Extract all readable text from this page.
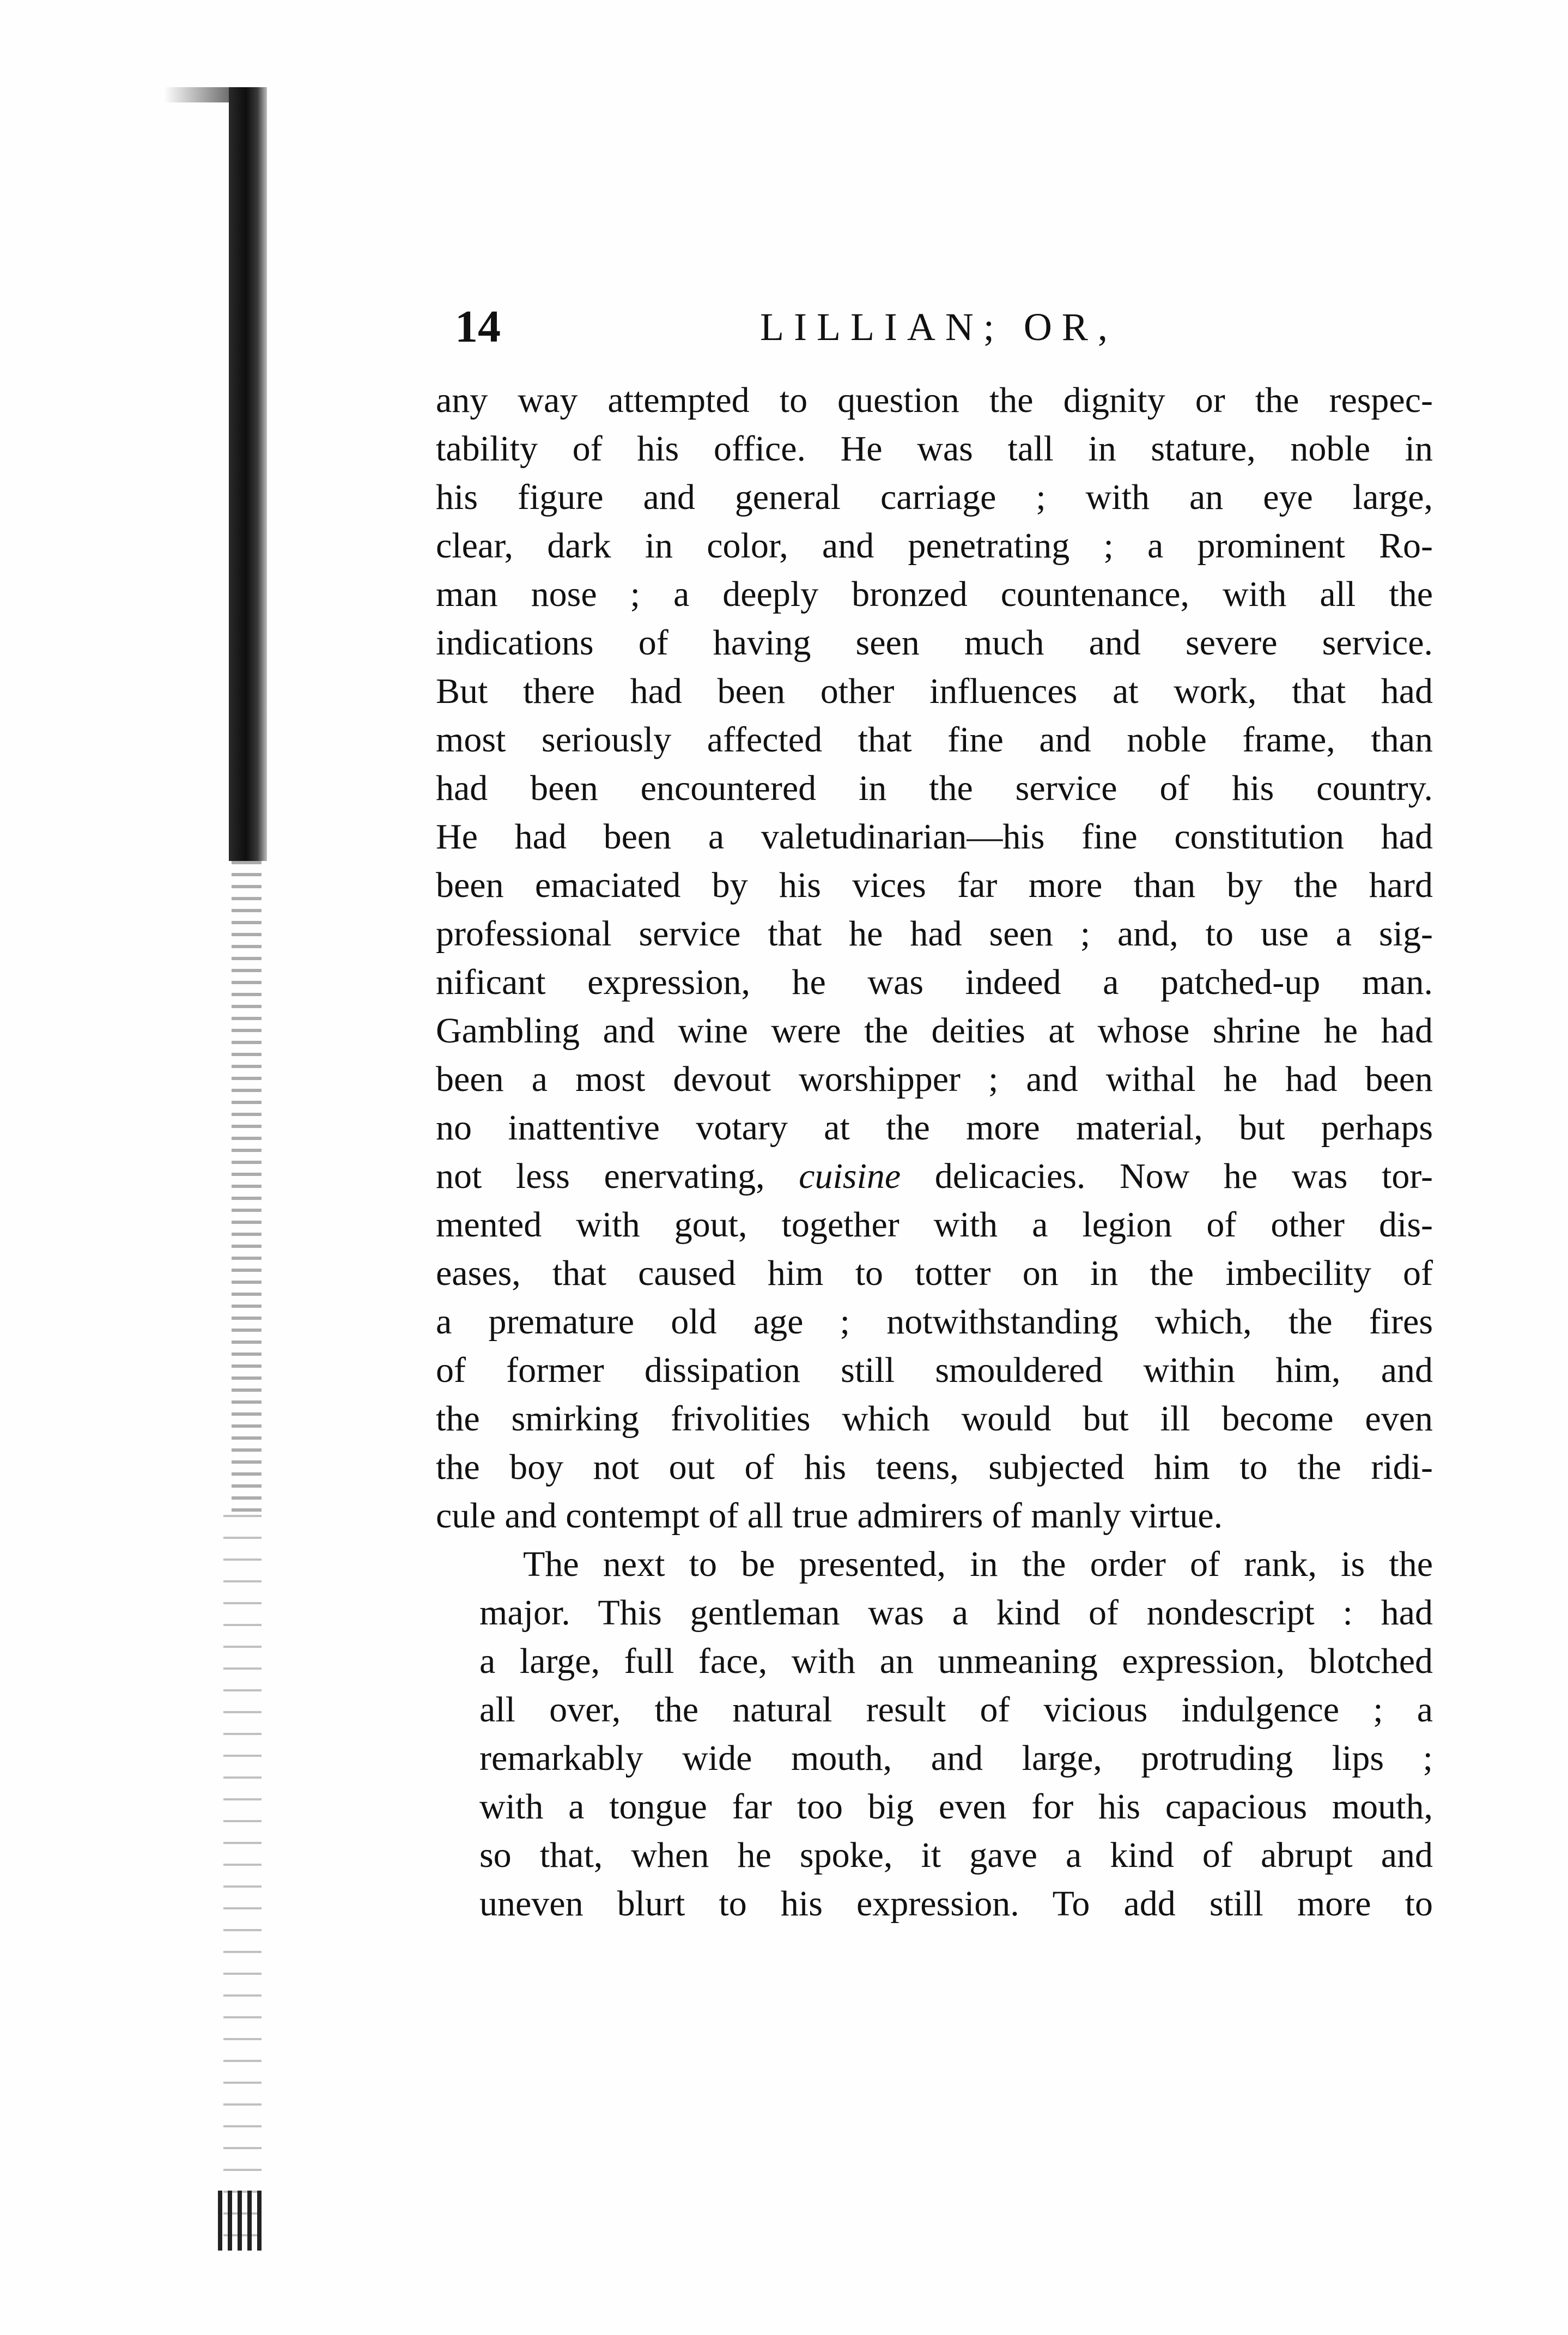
14	LILLIAN; OR,

any way attempted to question the dignity or the respec-
tability of his office. He was tall in stature, noble in
his figure and general carriage ; with an eye large,
clear, dark in color, and penetrating ; a prominent Ro-
man nose ; a deeply bronzed countenance, with all the
indications of having seen much and severe service.
But there had been other influences at work, that had
most seriously affected that fine and noble frame, than
had been encountered in the service of his country.
He had been a valetudinarian—his fine constitution had
been emaciated by his vices far more than by the hard
professional service that he had seen ; and, to use a sig-
nificant expression, he was indeed a patched-up man.
Gambling and wine were the deities at whose shrine he had
been a most devout worshipper ; and withal he had been
no inattentive votary at the more material, but perhaps
not less enervating, cuisine delicacies. Now he was tor-
mented with gout, together with a legion of other dis-
eases, that caused him to totter on in the imbecility of
a premature old age ; notwithstanding which, the fires
of former dissipation still smouldered within him, and
the smirking frivolities which would but ill become even
the boy not out of his teens, subjected him to the ridi-
cule and contempt of all true admirers of manly virtue.

The next to be presented, in the order of rank, is the
major. This gentleman was a kind of nondescript : had
a large, full face, with an unmeaning expression, blotched
all over, the natural result of vicious indulgence ; a
remarkably wide mouth, and large, protruding lips ;
with a tongue far too big even for his capacious mouth,
so that, when he spoke, it gave a kind of abrupt and
uneven blurt to his expression. To add still more to
